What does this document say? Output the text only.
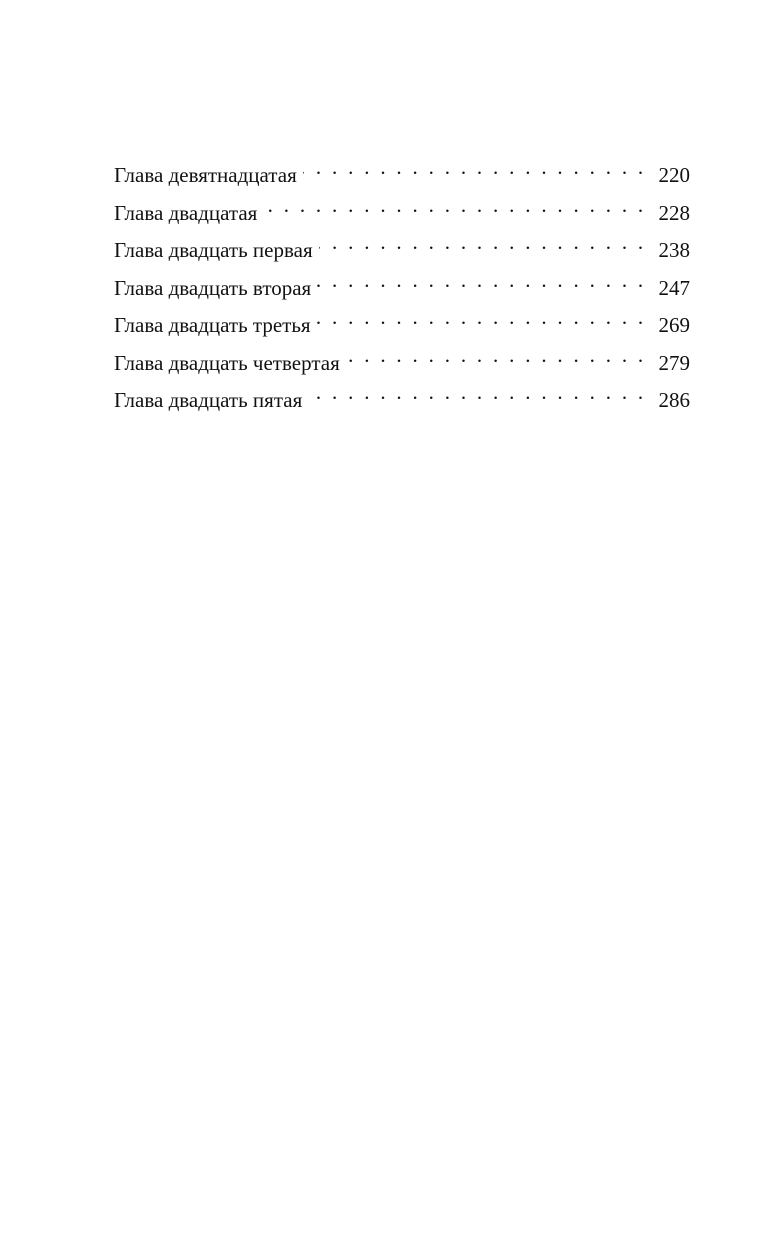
Глава девятнадцатая . . .	220
Глава двадцатая . . .	228
Глава двадцать первая . . .	238
Глава двадцать вторая . . .	247
Глава двадцать третья . . .	269
Глава двадцать четвертая . . .	279
Глава двадцать пятая . . .	286
